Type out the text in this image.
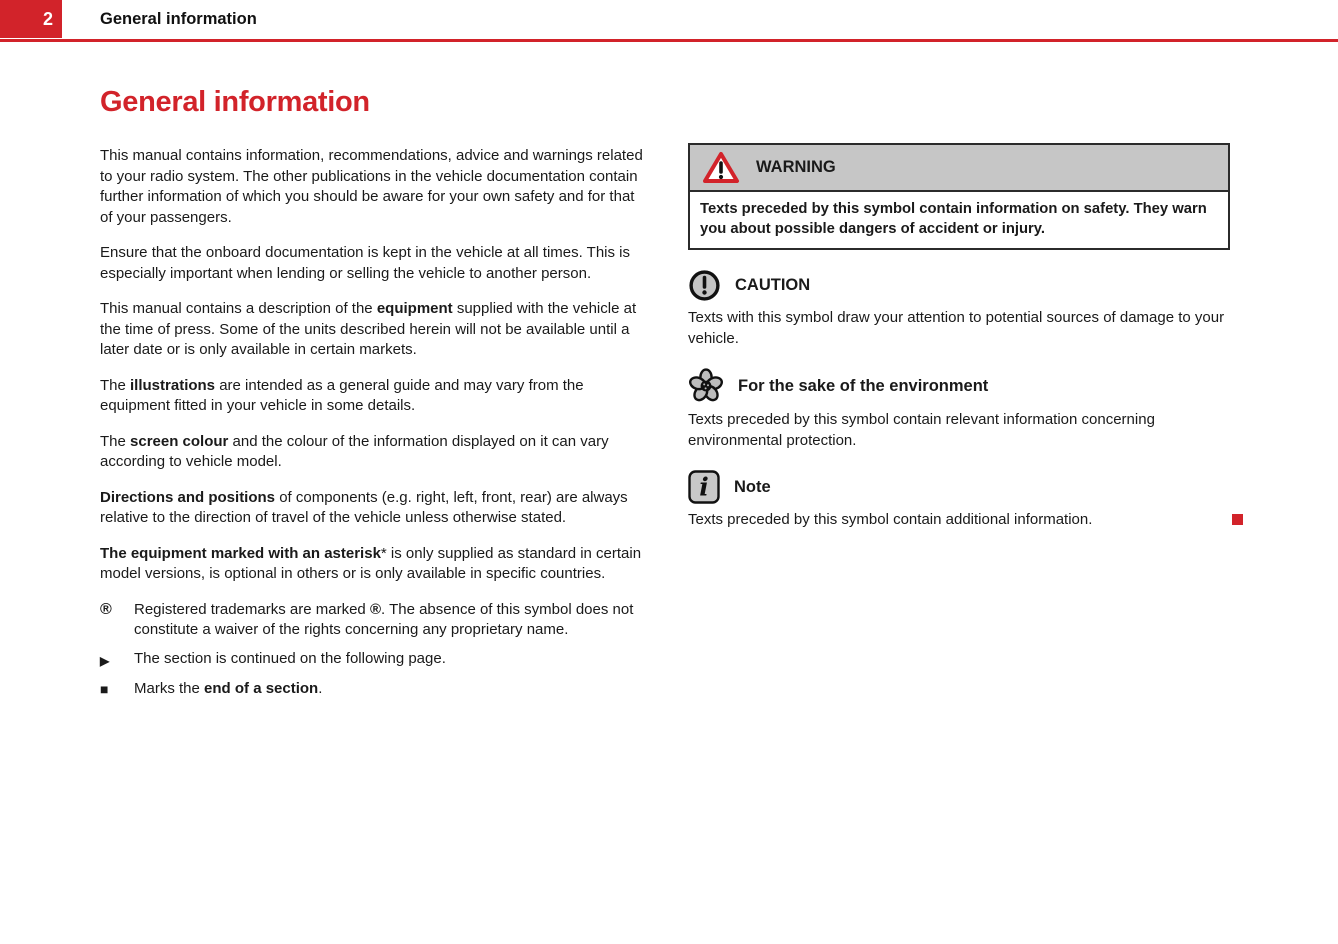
2	General information
General information

This manual contains information, recommendations, advice and warnings related to your radio system. The other publications in the vehicle documentation contain further information of which you should be aware for your own safety and for that of your passengers.

Ensure that the onboard documentation is kept in the vehicle at all times. This is especially important when lending or selling the vehicle to another person.

This manual contains a description of the equipment supplied with the vehicle at the time of press. Some of the units described herein will not be available until a later date or is only available in certain markets.

The illustrations are intended as a general guide and may vary from the equipment fitted in your vehicle in some details.

The screen colour and the colour of the information displayed on it can vary according to vehicle model.

Directions and positions of components (e.g. right, left, front, rear) are always relative to the direction of travel of the vehicle unless otherwise stated.

The equipment marked with an asterisk* is only supplied as standard in certain model versions, is optional in others or is only available in specific countries.

®	Registered trademarks are marked ®. The absence of this symbol does not constitute a waiver of the rights concerning any proprietary name.
▶	The section is continued on the following page.
■	Marks the end of a section.
WARNING
Texts preceded by this symbol contain information on safety. They warn you about possible dangers of accident or injury.
CAUTION

Texts with this symbol draw your attention to potential sources of damage to your vehicle.

For the sake of the environment

Texts preceded by this symbol contain relevant information concerning environmental protection.

i Note

Texts preceded by this symbol contain additional information.
